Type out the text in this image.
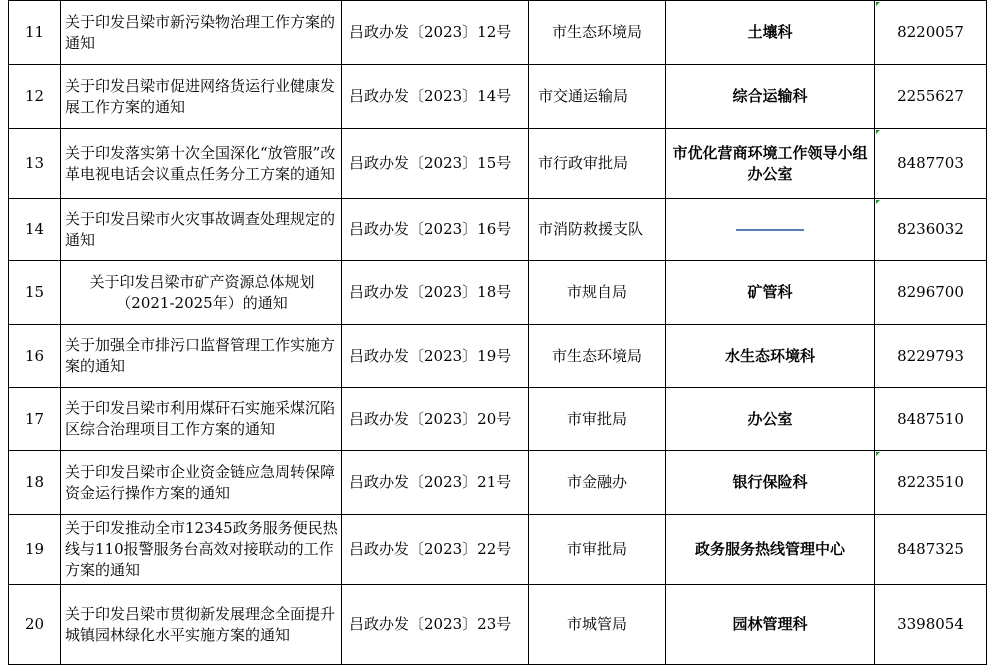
11	关于印发吕梁市新污染物治理工作方案的通知	吕政办发〔2023〕12号	市生态环境局	土壤科	8220057
12	关于印发吕梁市促进网络货运行业健康发展工作方案的通知	吕政办发〔2023〕14号	市交通运输局	综合运输科	2255627
13	关于印发落实第十次全国深化“放管服”改革电视电话会议重点任务分工方案的通知	吕政办发〔2023〕15号	市行政审批局	市优化营商环境工作领导小组办公室	8487703
14	关于印发吕梁市火灾事故调查处理规定的通知	吕政办发〔2023〕16号	市消防救援支队		8236032
15	关于印发吕梁市矿产资源总体规划（2021-2025年）的通知	吕政办发〔2023〕18号	市规自局	矿管科	8296700
16	关于加强全市排污口监督管理工作实施方案的通知	吕政办发〔2023〕19号	市生态环境局	水生态环境科	8229793
17	关于印发吕梁市利用煤矸石实施采煤沉陷区综合治理项目工作方案的通知	吕政办发〔2023〕20号	市审批局	办公室	8487510
18	关于印发吕梁市企业资金链应急周转保障资金运行操作方案的通知	吕政办发〔2023〕21号	市金融办	银行保险科	8223510
19	关于印发推动全市12345政务服务便民热线与110报警服务台高效对接联动的工作方案的通知	吕政办发〔2023〕22号	市审批局	政务服务热线管理中心	8487325
20	关于印发吕梁市贯彻新发展理念全面提升城镇园林绿化水平实施方案的通知	吕政办发〔2023〕23号	市城管局	园林管理科	3398054
